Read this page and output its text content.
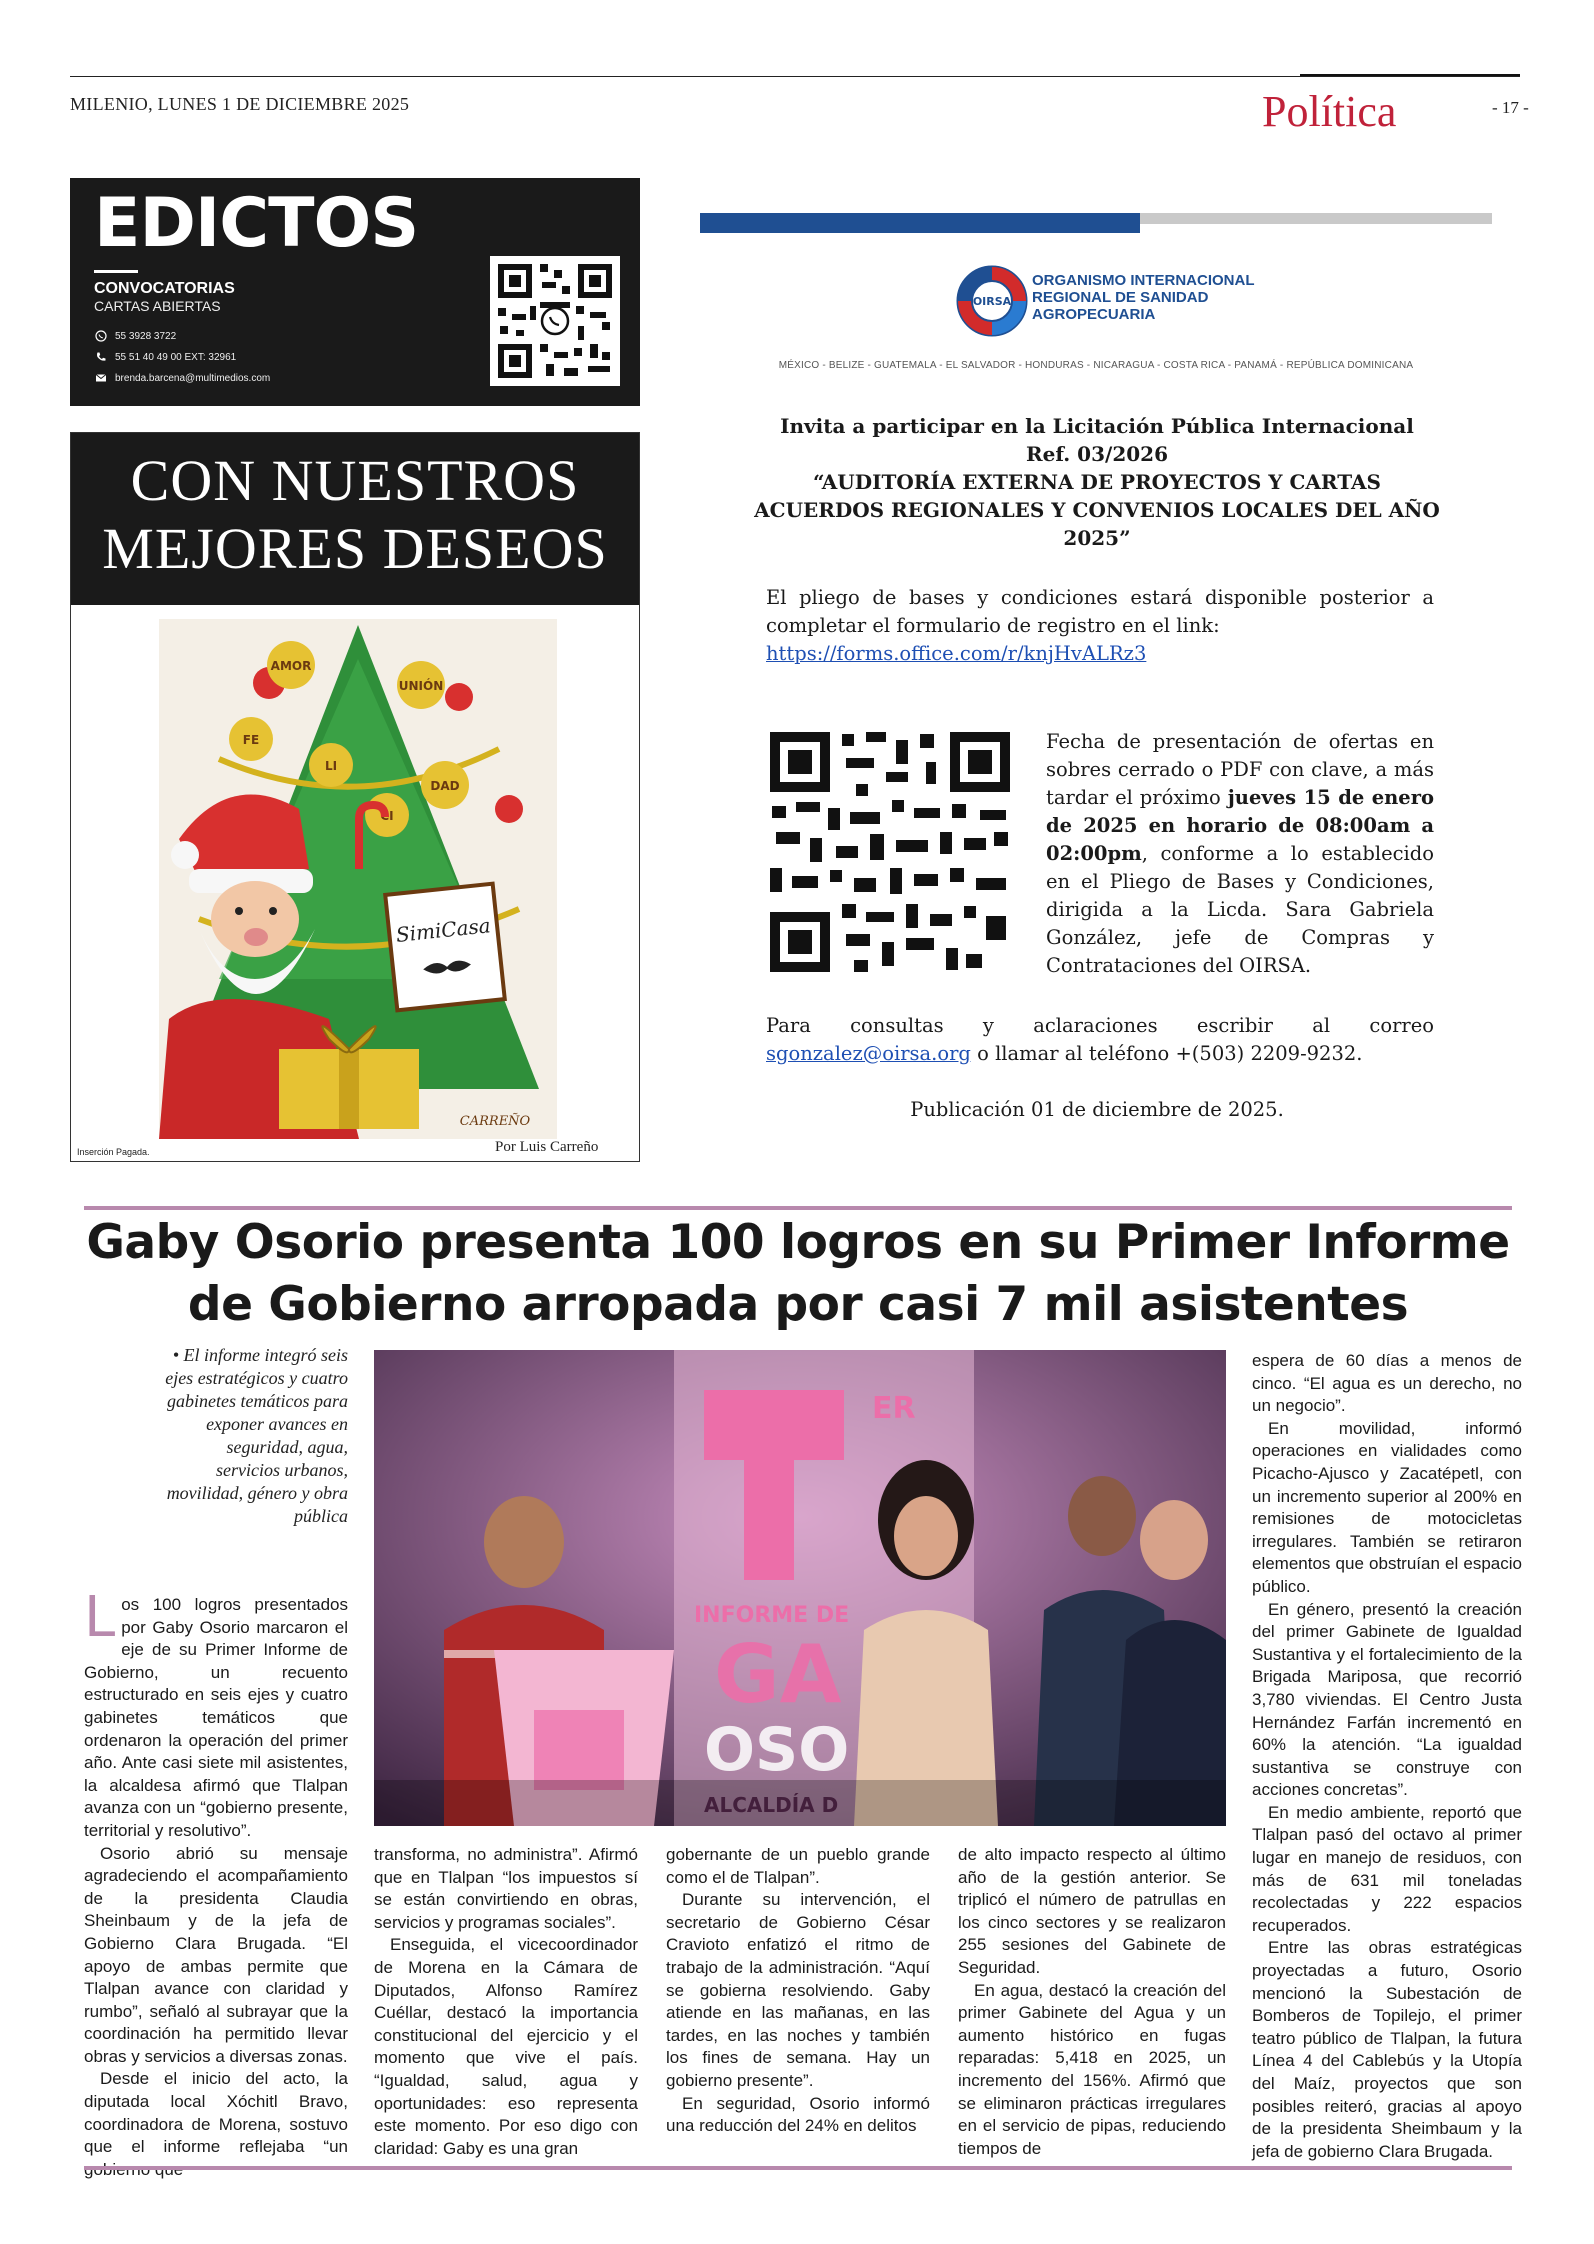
MILENIO, LUNES 1 DE DICIEMBRE 2025	Política	- 17 -
EDICTOS
CONVOCATORIAS
CARTAS ABIERTAS
55 3928 3722
55 51 40 49 00 EXT: 32961
brenda.barcena@multimedios.com
CON NUESTROS
MEJORES DESEOS
AMOR
UNIÓN
FE
LI
CI
DAD
SimiCasa
CARREÑO
Inserción Pagada.	Por Luis Carreño
OIRSA
ORGANISMO INTERNACIONAL
REGIONAL DE SANIDAD
AGROPECUARIA
MÉXICO - BELIZE - GUATEMALA - EL SALVADOR - HONDURAS - NICARAGUA - COSTA RICA - PANAMÁ - REPÚBLICA DOMINICANA
Invita a participar en la Licitación Pública Internacional
Ref. 03/2026
“AUDITORÍA EXTERNA DE PROYECTOS Y CARTAS
ACUERDOS REGIONALES Y CONVENIOS LOCALES DEL AÑO
2025”
El pliego de bases y condiciones estará disponible posterior a completar el formulario de registro en el link:
https://forms.office.com/r/knjHvALRz3
Fecha de presentación de ofertas en sobres cerrado o PDF con clave, a más tardar el próximo jueves 15 de enero de 2025 en horario de 08:00am a 02:00pm, conforme a lo establecido en el Pliego de Bases y Condiciones, dirigida a la Licda. Sara Gabriela González, jefe de Compras y Contrataciones del OIRSA.
Para consultas y aclaraciones escribir al correo
sgonzalez@oirsa.org o llamar al teléfono +(503) 2209-9232.
Publicación 01 de diciembre de 2025.
Gaby Osorio presenta 100 logros en su Primer Informe
de Gobierno arropada por casi 7 mil asistentes
• El informe integró seis ejes estratégicos y cuatro gabinetes temáticos para exponer avances en seguridad, agua, servicios urbanos, movilidad, género y obra pública
ER
INFORME DE
GA
OSO
ALCALDÍA D

Los 100 logros presentados por Gaby Osorio marcaron el eje de su Primer Informe de Gobierno, un recuento estructurado en seis ejes y cuatro gabinetes temáticos que ordenaron la operación del primer año. Ante casi siete mil asistentes, la alcaldesa afirmó que Tlalpan avanza con un “gobierno presente, territorial y resolutivo”.

Osorio abrió su mensaje agradeciendo el acompañamiento de la presidenta Claudia Sheinbaum y de la jefa de Gobierno Clara Brugada. “El apoyo de ambas permite que Tlalpan avance con claridad y rumbo”, señaló al subrayar que la coordinación ha permitido llevar obras y servicios a diversas zonas.

Desde el inicio del acto, la diputada local Xóchitl Bravo, coordinadora de Morena, sostuvo que el informe reflejaba “un

transforma, no administra”. Afirmó que en Tlalpan “los impuestos sí se están convirtiendo en obras, servicios y programas sociales”.

Enseguida, el vicecoordinador de Morena en la Cámara de Diputados, Alfonso Ramírez Cuéllar, destacó la importancia constitucional del ejercicio y el momento que vive el país. “Igualdad, salud, agua y oportunidades: eso representa este momento. Por eso digo con claridad: Gaby es una gran

gobernante de un pueblo grande como el de Tlalpan”.

Durante su intervención, el secretario de Gobierno César Cravioto enfatizó el ritmo de trabajo de la administración. “Aquí se gobierna resolviendo. Gaby atiende en las mañanas, en las tardes, en las noches y también los fines de semana. Hay un gobierno presente”.

En seguridad, Osorio informó una reducción del 24% en delitos

de alto impacto respecto al último año de la gestión anterior. Se triplicó el número de patrullas en los cinco sectores y se realizaron 255 sesiones del Gabinete de Seguridad.

En agua, destacó la creación del primer Gabinete del Agua y un aumento histórico en fugas reparadas: 5,418 en 2025, un incremento del 156%. Afirmó que se eliminaron prácticas irregulares en el servicio de pipas, reduciendo tiempos de

espera de 60 días a menos de cinco. “El agua es un derecho, no un negocio”.

En movilidad, informó operaciones en vialidades como Picacho-Ajusco y Zacatépetl, con un incremento superior al 200% en remisiones de motocicletas irregulares. También se retiraron elementos que obstruían el espacio público.

En género, presentó la creación del primer Gabinete de Igualdad Sustantiva y el fortalecimiento de la Brigada Mariposa, que recorrió 3,780 viviendas. El Centro Justa Hernández Farfán incrementó en 60% la atención. “La igualdad sustantiva se construye con acciones concretas”.

En medio ambiente, reportó que Tlalpan pasó del octavo al primer lugar en manejo de residuos, con más de 631 mil toneladas recolectadas y 222 espacios recuperados.

Entre las obras estratégicas proyectadas a futuro, Osorio mencionó la Subestación de Bomberos de Topilejo, el primer teatro público de Tlalpan, la futura Línea 4 del Cablebús y la Utopía del Maíz, proyectos que son posibles reiteró, gracias al apoyo de la presidenta Sheimbaum y la jefa de gobierno Clara Brugada.
